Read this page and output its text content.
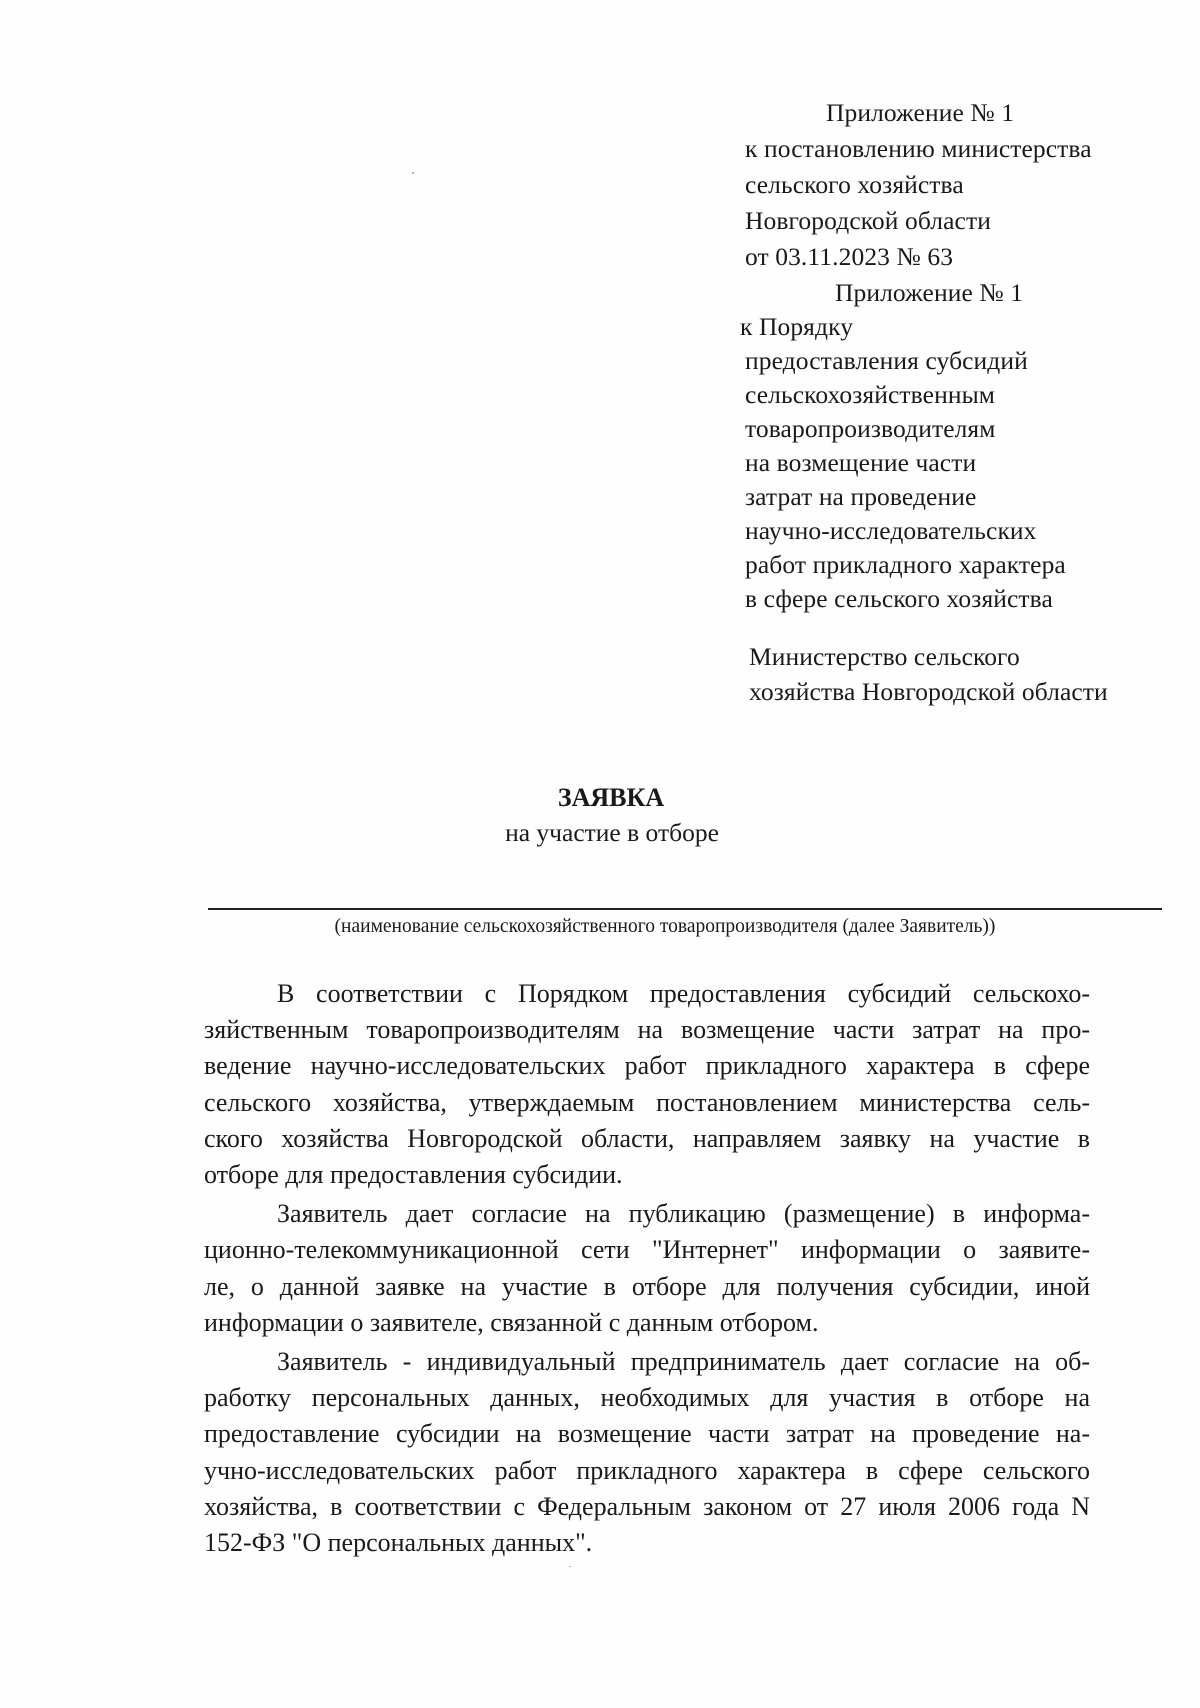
Приложение № 1
к постановлению министерства
сельского хозяйства
Новгородской области
от 03.11.2023 № 63
Приложение № 1
к Порядку
предоставления субсидий
сельскохозяйственным
товаропроизводителям
на возмещение части
затрат на проведение
научно-исследовательских
работ прикладного характера
в сфере сельского хозяйства
Министерство сельского
хозяйства Новгородской области
ЗАЯВКА
на участие в отборе
(наименование сельскохозяйственного товаропроизводителя (далее Заявитель))
В соответствии с Порядком предоставления субсидий сельскохо-
зяйственным товаропроизводителям на возмещение части затрат на про-
ведение научно-исследовательских работ прикладного характера в сфере
сельского хозяйства, утверждаемым постановлением министерства сель-
ского хозяйства Новгородской области, направляем заявку на участие в
отборе для предоставления субсидии.
Заявитель дает согласие на публикацию (размещение) в информа-
ционно-телекоммуникационной сети "Интернет" информации о заявите-
ле, о данной заявке на участие в отборе для получения субсидии, иной
информации о заявителе, связанной с данным отбором.
Заявитель - индивидуальный предприниматель дает согласие на об-
работку персональных данных, необходимых для участия в отборе на
предоставление субсидии на возмещение части затрат на проведение на-
учно-исследовательских работ прикладного характера в сфере сельского
хозяйства, в соответствии с Федеральным законом от 27 июля 2006 года N
152-ФЗ "О персональных данных".
